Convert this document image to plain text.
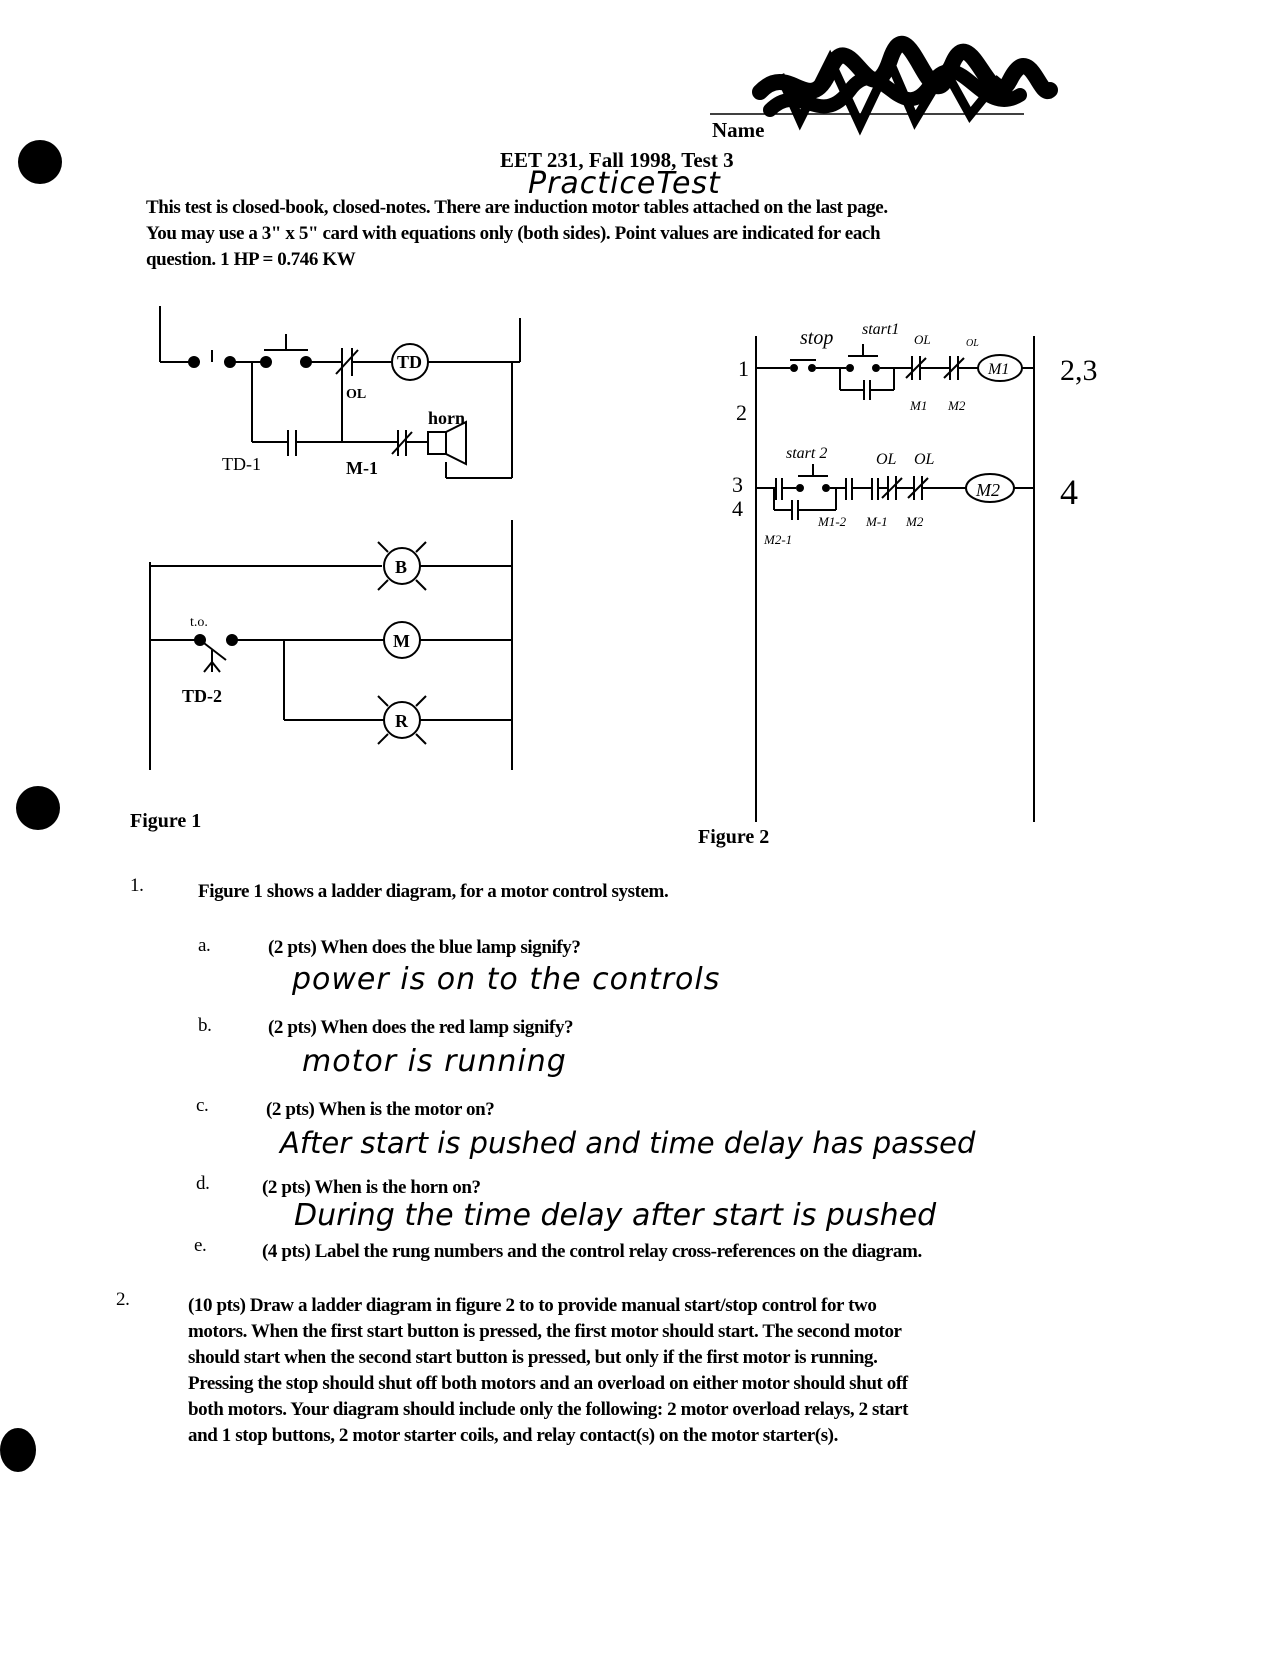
Name
EET 231, Fall 1998, Test 3
PracticeTest
This test is closed-book, closed-notes. There are induction motor tables attached on the last page.
You may use a 3" x 5" card with equations only (both sides). Point values are indicated for each
question. 1 HP = 0.746 KW
TD
OL
horn
TD-1	M-1
B
M
R
t.o.
TD-2
Figure 1
stop start1
OL	OL
M1 2,3
M1 M2
start 2	OL OL
M2 4
M1-2 M-1 M2
M2-1
1
2
3
4
Figure 2
1.	Figure 1 shows a ladder diagram, for a motor control system.
a.	(2 pts) When does the blue lamp signify?
power is on to the controls
b.	(2 pts) When does the red lamp signify?
motor is running
c.	(2 pts) When is the motor on?
After start is pushed and time delay has passed
d.	(2 pts) When is the horn on?
During the time delay after start is pushed
e.	(4 pts) Label the rung numbers and the control relay cross-references on the diagram.
2.	(10 pts) Draw a ladder diagram in figure 2 to to provide manual start/stop control for two
motors. When the first start button is pressed, the first motor should start. The second motor
should start when the second start button is pressed, but only if the first motor is running.
Pressing the stop should shut off both motors and an overload on either motor should shut off
both motors. Your diagram should include only the following: 2 motor overload relays, 2 start
and 1 stop buttons, 2 motor starter coils, and relay contact(s) on the motor starter(s).
